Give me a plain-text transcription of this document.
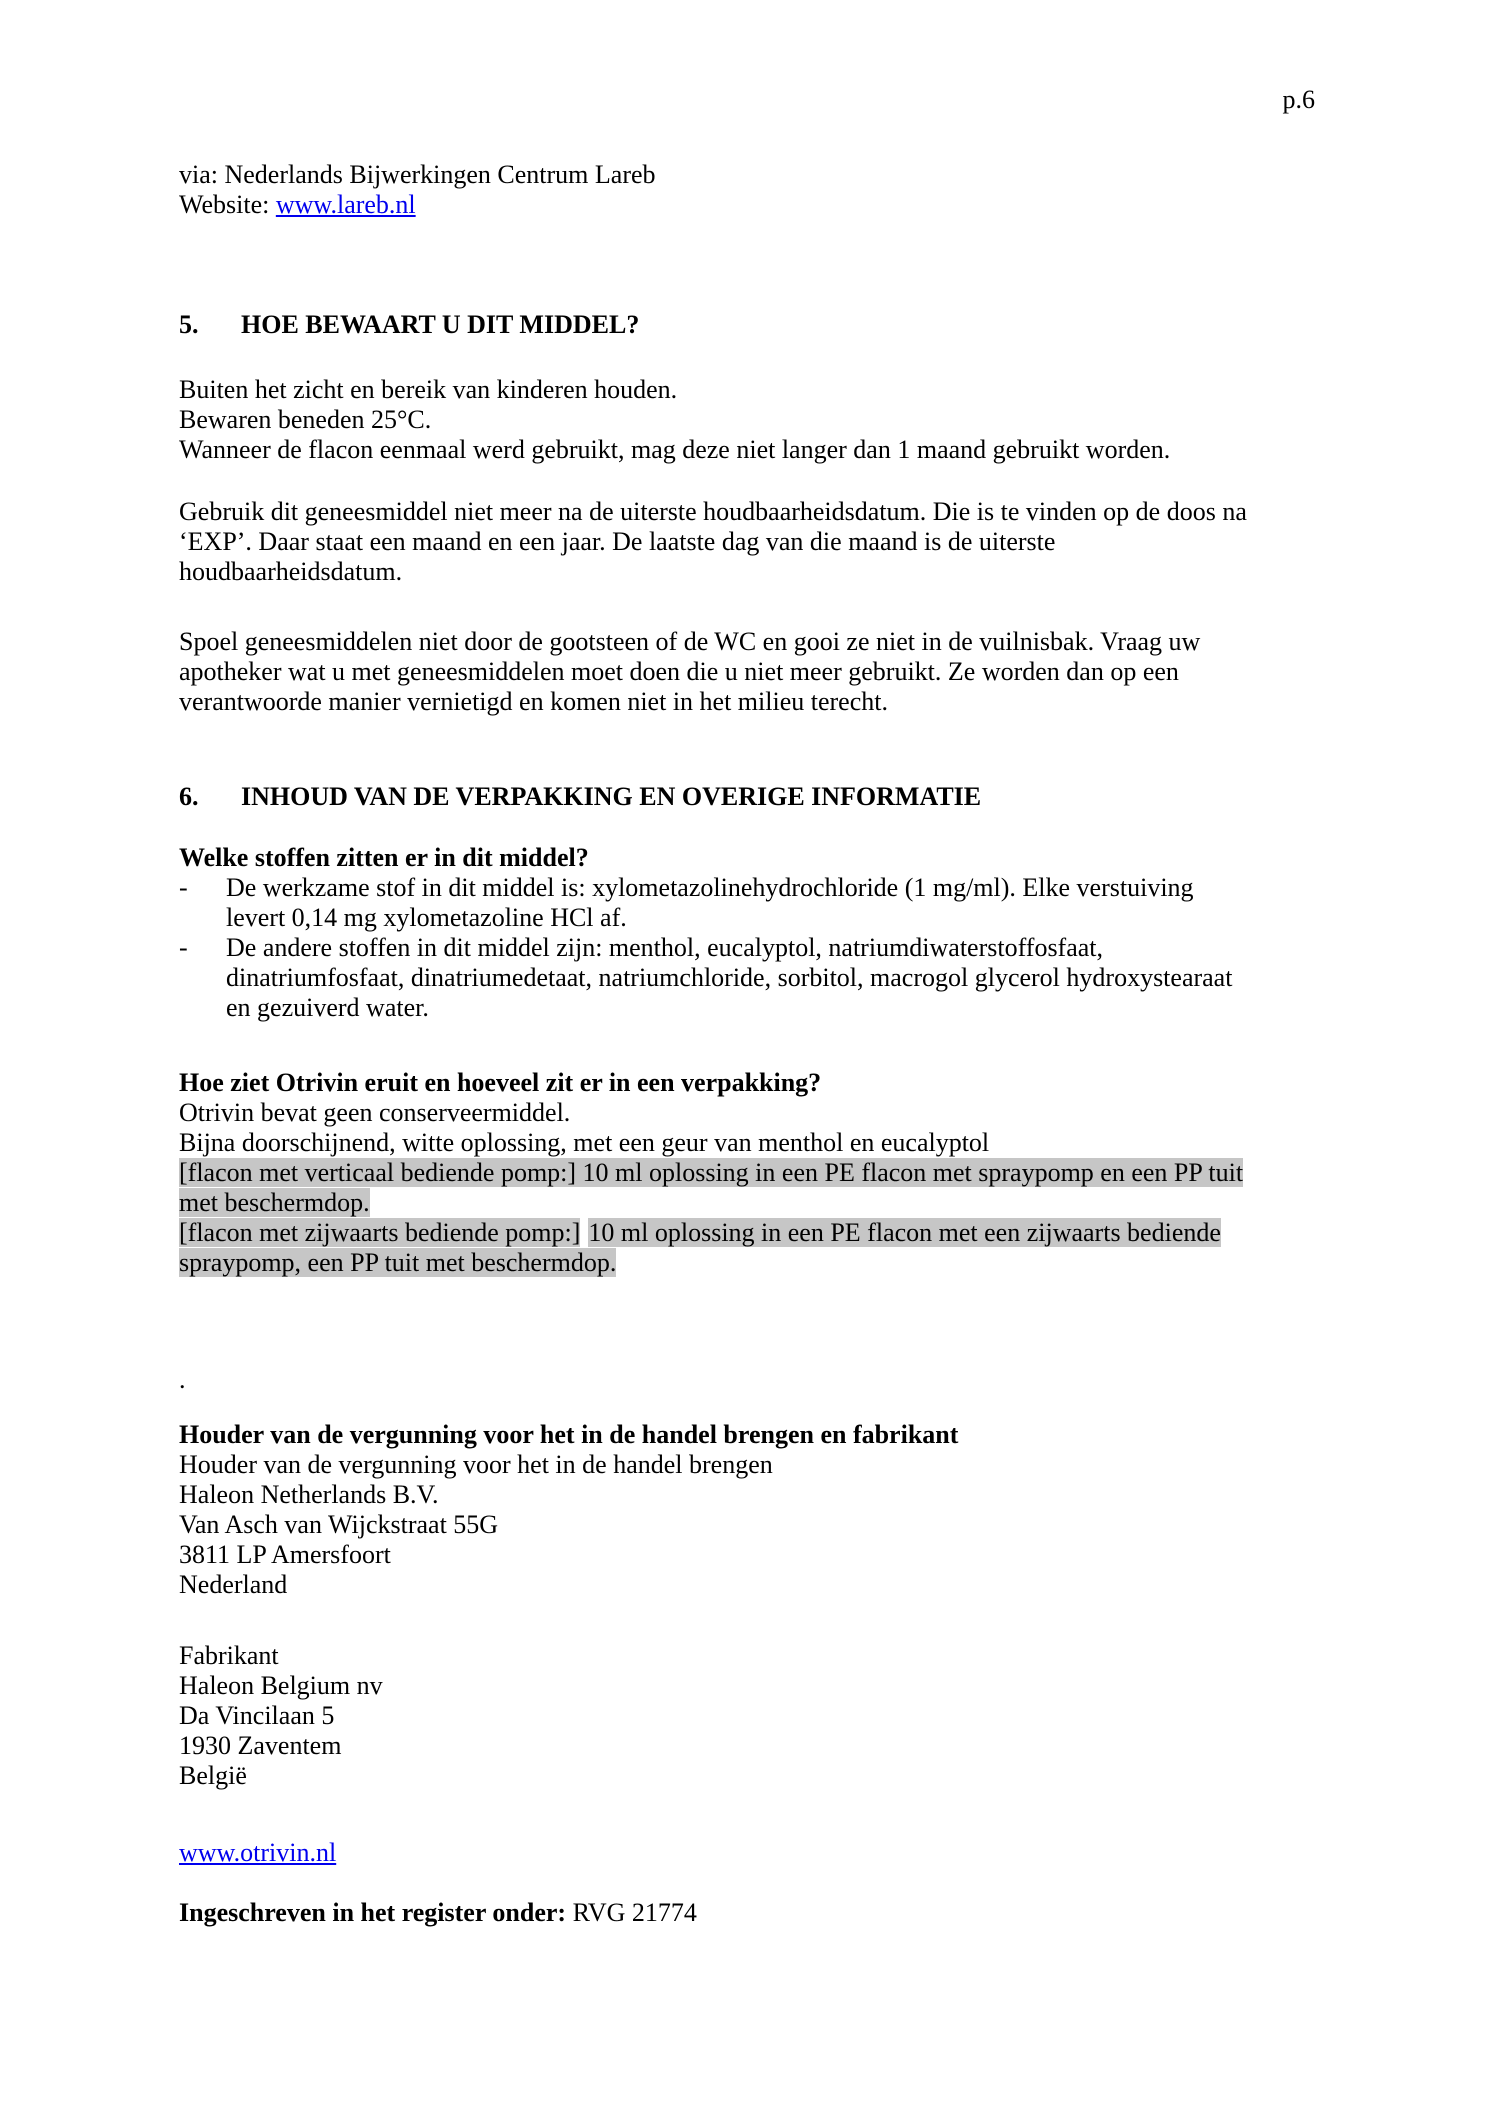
p.6
via: Nederlands Bijwerkingen Centrum Lareb
Website: www.lareb.nl
5. HOE BEWAART U DIT MIDDEL?
Buiten het zicht en bereik van kinderen houden.
Bewaren beneden 25°C.
Wanneer de flacon eenmaal werd gebruikt, mag deze niet langer dan 1 maand gebruikt worden.
Gebruik dit geneesmiddel niet meer na de uiterste houdbaarheidsdatum. Die is te vinden op de doos na
‘EXP’. Daar staat een maand en een jaar. De laatste dag van die maand is de uiterste
houdbaarheidsdatum.
Spoel geneesmiddelen niet door de gootsteen of de WC en gooi ze niet in de vuilnisbak. Vraag uw
apotheker wat u met geneesmiddelen moet doen die u niet meer gebruikt. Ze worden dan op een
verantwoorde manier vernietigd en komen niet in het milieu terecht.
6. INHOUD VAN DE VERPAKKING EN OVERIGE INFORMATIE
Welke stoffen zitten er in dit middel?
- De werkzame stof in dit middel is: xylometazolinehydrochloride (1 mg/ml). Elke verstuiving
levert 0,14 mg xylometazoline HCl af.
- De andere stoffen in dit middel zijn: menthol, eucalyptol, natriumdiwaterstoffosfaat,
dinatriumfosfaat, dinatriumedetaat, natriumchloride, sorbitol, macrogol glycerol hydroxystearaat
en gezuiverd water.
Hoe ziet Otrivin eruit en hoeveel zit er in een verpakking?
Otrivin bevat geen conserveermiddel.
Bijna doorschijnend, witte oplossing, met een geur van menthol en eucalyptol
[flacon met verticaal bediende pomp:] 10 ml oplossing in een PE flacon met spraypomp en een PP tuit
met beschermdop.
[flacon met zijwaarts bediende pomp:] 10 ml oplossing in een PE flacon met een zijwaarts bediende
spraypomp, een PP tuit met beschermdop.
.
Houder van de vergunning voor het in de handel brengen en fabrikant
Houder van de vergunning voor het in de handel brengen
Haleon Netherlands B.V.
Van Asch van Wijckstraat 55G
3811 LP Amersfoort
Nederland
Fabrikant
Haleon Belgium nv
Da Vincilaan 5
1930 Zaventem
België
www.otrivin.nl
Ingeschreven in het register onder: RVG 21774
